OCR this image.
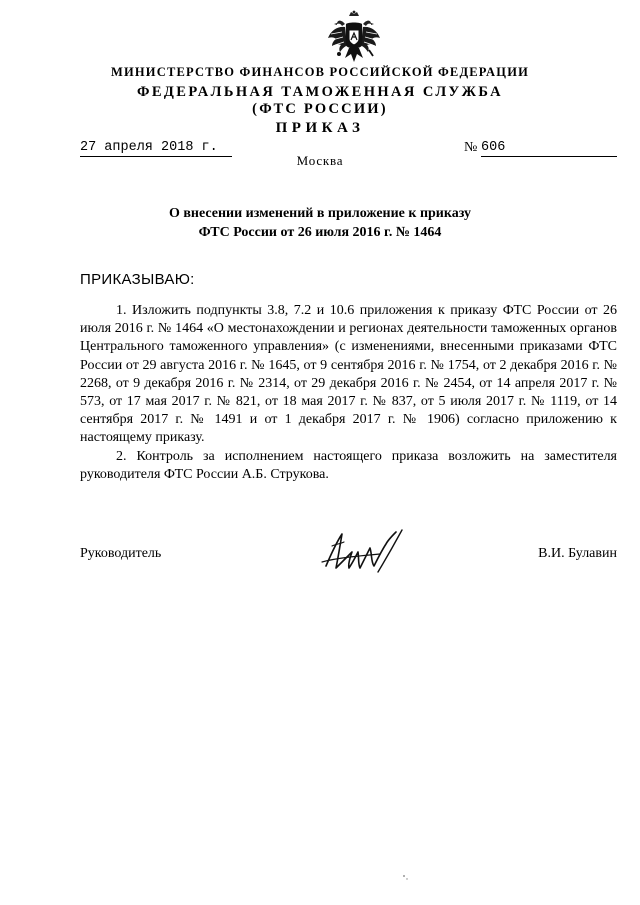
МИНИСТЕРСТВО ФИНАНСОВ РОССИЙСКОЙ ФЕДЕРАЦИИ
ФЕДЕРАЛЬНАЯ ТАМОЖЕННАЯ СЛУЖБА
(ФТС РОССИИ)
ПРИКАЗ
27 апреля 2018 г.	№ 606
Москва
О внесении изменений в приложение к приказу
ФТС России от 26 июля 2016 г. № 1464
ПРИКАЗЫВАЮ:

1. Изложить подпункты 3.8, 7.2 и 10.6 приложения к приказу ФТС России от 26 июля 2016 г. № 1464 «О местонахождении и регионах деятельности таможенных органов Центрального таможенного управления» (с изменениями, внесенными приказами ФТС России от 29 августа 2016 г. № 1645, от 9 сентября 2016 г. № 1754, от 2 декабря 2016 г. № 2268, от 9 декабря 2016 г. № 2314, от 29 декабря 2016 г. № 2454, от 14 апреля 2017 г. № 573, от 17 мая 2017 г. № 821, от 18 мая 2017 г. № 837, от 5 июля 2017 г. № 1119, от 14 сентября 2017 г. № 1491 и от 1 декабря 2017 г. № 1906) согласно приложению к настоящему приказу.

2. Контроль за исполнением настоящего приказа возложить на заместителя руководителя ФТС России А.Б. Струкова.

Руководитель	В.И. Булавин
